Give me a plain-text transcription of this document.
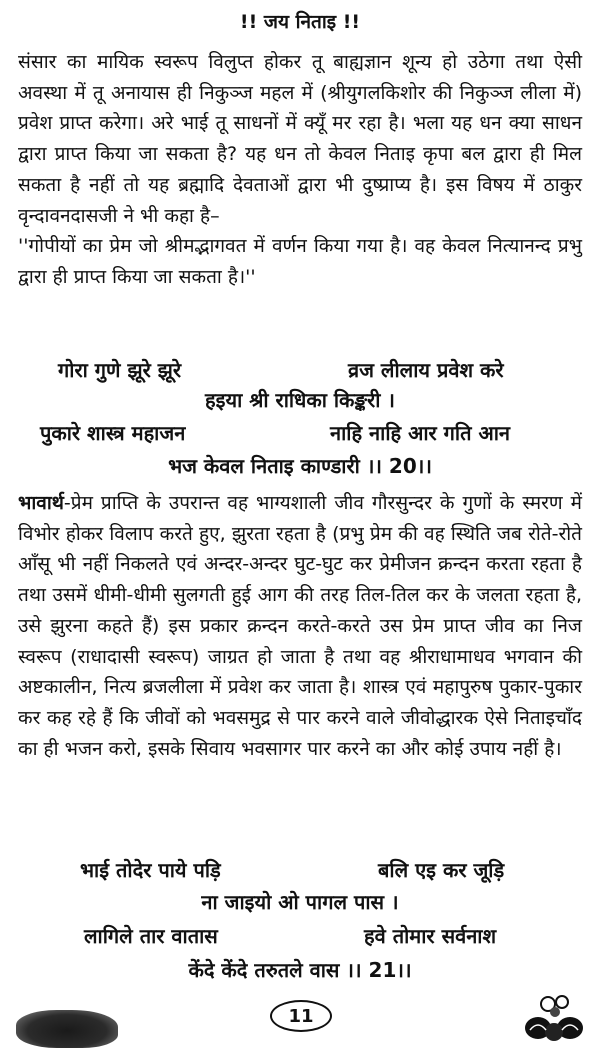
!! जय निताइ !!

संसार का मायिक स्वरूप विलुप्त होकर तू बाह्यज्ञान शून्य हो उठेगा तथा ऐसी अवस्था में तू अनायास ही निकुञ्ज महल में (श्रीयुगलकिशोर की निकुञ्ज लीला में) प्रवेश प्राप्त करेगा। अरे भाई तू साधनों में क्यूँ मर रहा है। भला यह धन क्या साधन द्वारा प्राप्त किया जा सकता है? यह धन तो केवल निताइ कृपा बल द्वारा ही मिल सकता है नहीं तो यह ब्रह्मादि देवताओं द्वारा भी दुष्प्राप्य है। इस विषय में ठाकुर वृन्दावनदासजी ने भी कहा है–

''गोपीयों का प्रेम जो श्रीमद्भागवत में वर्णन किया गया है। वह केवल नित्यानन्द प्रभु द्वारा ही प्राप्त किया जा सकता है।''

गोरा गुणे झूरे झूरे	व्रज लीलाय प्रवेश करे
हइया श्री राधिका किङ्करी ।
पुकारे शास्त्र महाजन	नाहि नाहि आर गति आन
भज केवल निताइ काण्डारी ।। 20।।

भावार्थ-प्रेम प्राप्ति के उपरान्त वह भाग्यशाली जीव गौरसुन्दर के गुणों के स्मरण में विभोर होकर विलाप करते हुए, झुरता रहता है (प्रभु प्रेम की वह स्थिति जब रोते-रोते आँसू भी नहीं निकलते एवं अन्दर-अन्दर घुट-घुट कर प्रेमीजन क्रन्दन करता रहता है तथा उसमें धीमी-धीमी सुलगती हुई आग की तरह तिल-तिल कर के जलता रहता है, उसे झुरना कहते हैं) इस प्रकार क्रन्दन करते-करते उस प्रेम प्राप्त जीव का निज स्वरूप (राधादासी स्वरूप) जाग्रत हो जाता है तथा वह श्रीराधामाधव भगवान की अष्टकालीन, नित्य ब्रजलीला में प्रवेश कर जाता है। शास्त्र एवं महापुरुष पुकार-पुकार कर कह रहे हैं कि जीवों को भवसमुद्र से पार करने वाले जीवोद्धारक ऐसे निताइचाँद का ही भजन करो, इसके सिवाय भवसागर पार करने का और कोई उपाय नहीं है।

भाई तोदेर पाये पड़ि	बलि एइ कर जूड़ि
ना जाइयो ओ पागल पास ।
लागिले तार वातास	हवे तोमार सर्वनाश
केंदे केंदे तरुतले वास ।। 21।।
11
